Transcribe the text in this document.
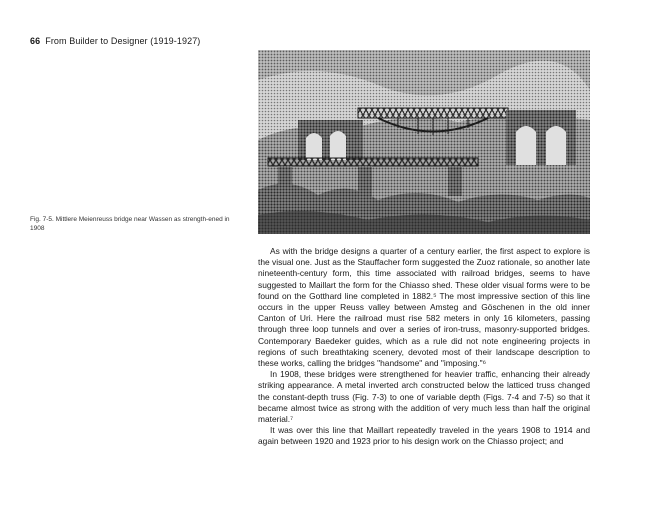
66 From Builder to Designer (1919-1927)
Fig. 7-5. Mittlere Meienreuss bridge near Wassen as strength-ened in 1908

As with the bridge designs a quarter of a century earlier, the first aspect to explore is the visual one. Just as the Stauffacher form suggested the Zuoz rationale, so another late nineteenth-century form, this time associated with railroad bridges, seems to have suggested to Maillart the form for the Chiasso shed. These older visual forms were to be found on the Gotthard line completed in 1882.⁵ The most impressive section of this line occurs in the upper Reuss valley between Amsteg and Göschenen in the old inner Canton of Uri. Here the railroad must rise 582 meters in only 16 kilometers, passing through three loop tunnels and over a series of iron-truss, masonry-supported bridges. Contemporary Baedeker guides, which as a rule did not note engineering projects in regions of such breathtaking scenery, devoted most of their landscape description to these works, calling the bridges "handsome" and "imposing."⁶

In 1908, these bridges were strengthened for heavier traffic, enhancing their already striking appearance. A metal inverted arch constructed below the latticed truss changed the constant-depth truss (Fig. 7-3) to one of variable depth (Figs. 7-4 and 7-5) so that it became almost twice as strong with the addition of very much less than half the original material.⁷

It was over this line that Maillart repeatedly traveled in the years 1908 to 1914 and again between 1920 and 1923 prior to his design work on the Chiasso project; and
